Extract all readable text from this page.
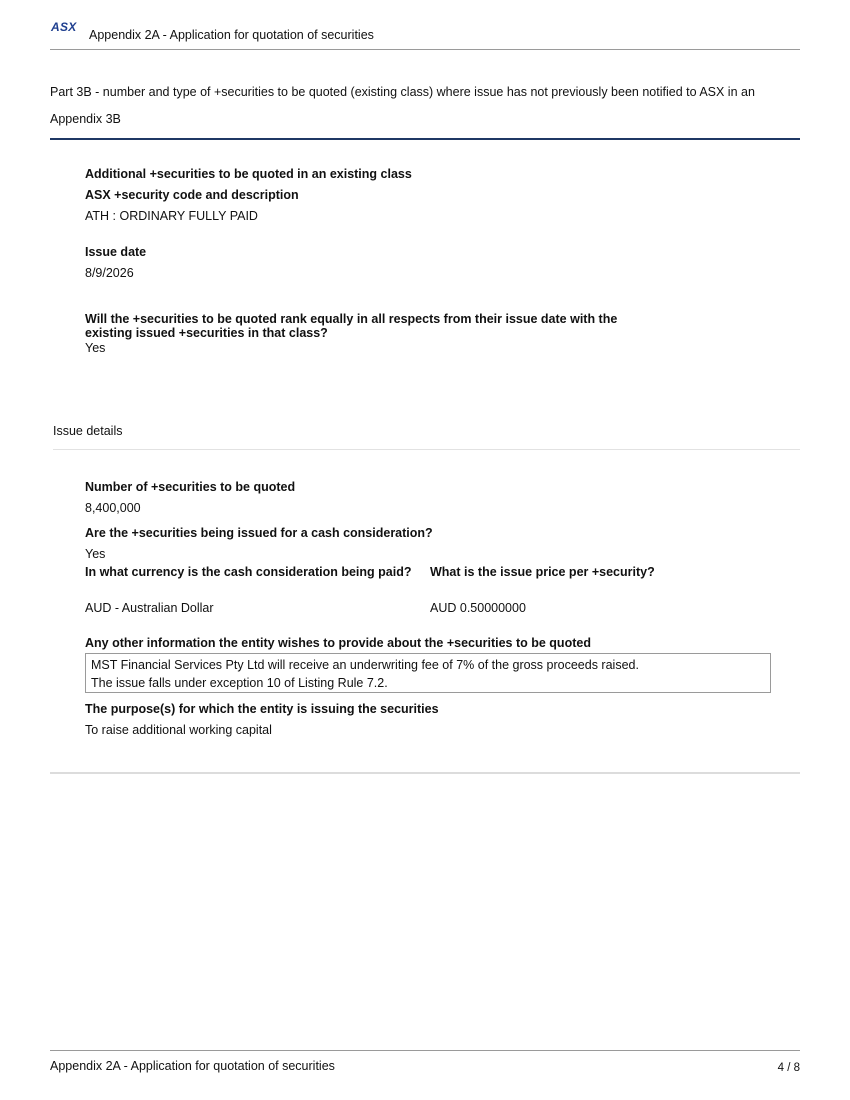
ASX
Appendix 2A - Application for quotation of securities
Part 3B - number and type of +securities to be quoted (existing class) where issue has not previously been notified to ASX in an
Appendix 3B
Additional +securities to be quoted in an existing class
ASX +security code and description
ATH : ORDINARY FULLY PAID
Issue date
8/9/2026
Will the +securities to be quoted rank equally in all respects from their issue date with the
existing issued +securities in that class?
Yes
Issue details
Number of +securities to be quoted
8,400,000
Are the +securities being issued for a cash consideration?
Yes
In what currency is the cash consideration being paid? What is the issue price per +security?
AUD - Australian Dollar	AUD 0.50000000
Any other information the entity wishes to provide about the +securities to be quoted
MST Financial Services Pty Ltd will receive an underwriting fee of 7% of the gross proceeds raised.
The issue falls under exception 10 of Listing Rule 7.2.
The purpose(s) for which the entity is issuing the securities
To raise additional working capital
Appendix 2A - Application for quotation of securities	4 / 8
